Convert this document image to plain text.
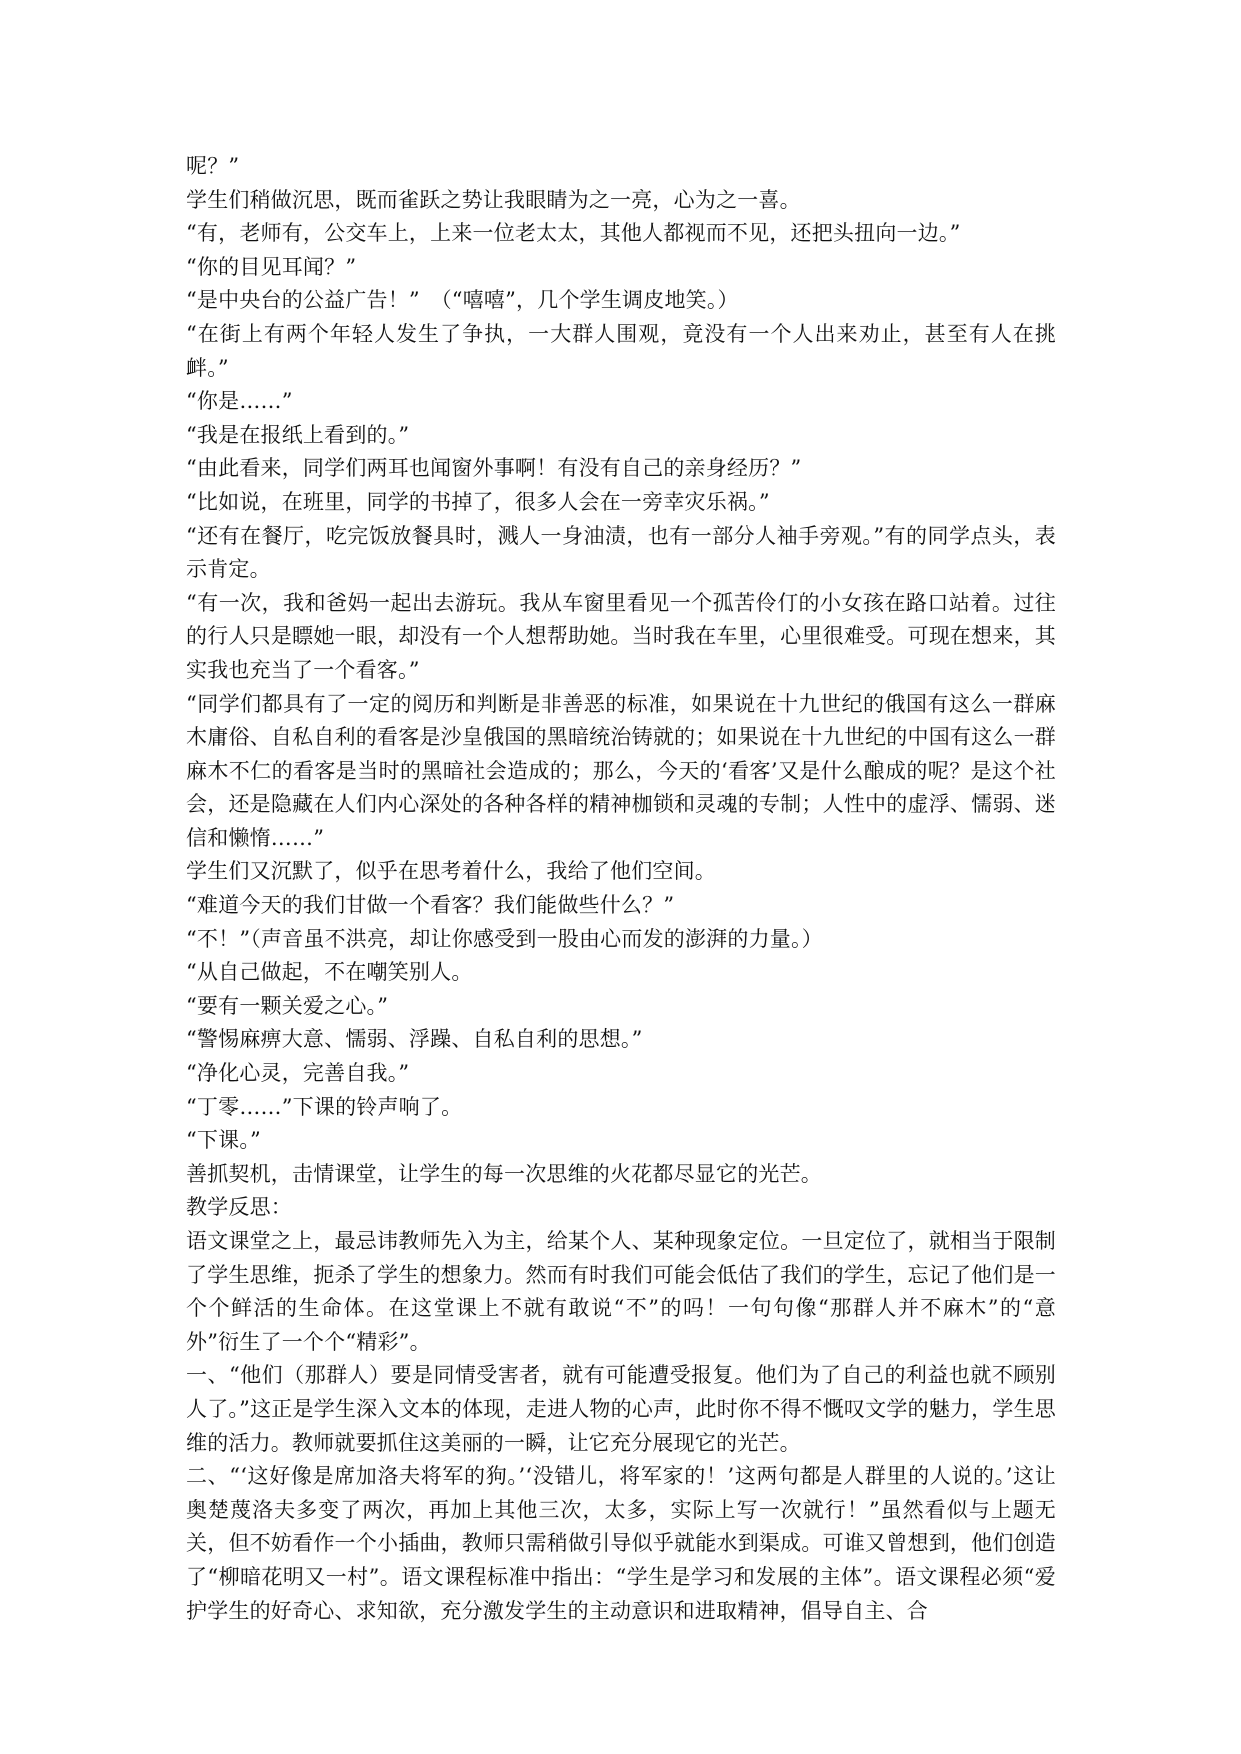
呢？”

学生们稍做沉思，既而雀跃之势让我眼睛为之一亮，心为之一喜。

“有，老师有，公交车上，上来一位老太太，其他人都视而不见，还把头扭向一边。”

“你的目见耳闻？”

“是中央台的公益广告！”　（“嘻嘻”，几个学生调皮地笑。）

“在街上有两个年轻人发生了争执，一大群人围观，竟没有一个人出来劝止，甚至有人在挑衅。”

“你是……”

“我是在报纸上看到的。”

“由此看来，同学们两耳也闻窗外事啊！有没有自己的亲身经历？”

“比如说，在班里，同学的书掉了，很多人会在一旁幸灾乐祸。”

“还有在餐厅，吃完饭放餐具时，溅人一身油渍，也有一部分人袖手旁观。”有的同学点头，表示肯定。

“有一次，我和爸妈一起出去游玩。我从车窗里看见一个孤苦伶仃的小女孩在路口站着。过往的行人只是瞟她一眼，却没有一个人想帮助她。当时我在车里，心里很难受。可现在想来，其实我也充当了一个看客。”

“同学们都具有了一定的阅历和判断是非善恶的标准，如果说在十九世纪的俄国有这么一群麻木庸俗、自私自利的看客是沙皇俄国的黑暗统治铸就的；如果说在十九世纪的中国有这么一群麻木不仁的看客是当时的黑暗社会造成的；那么，今天的‘看客’又是什么酿成的呢？是这个社会，还是隐藏在人们内心深处的各种各样的精神枷锁和灵魂的专制；人性中的虚浮、懦弱、迷信和懒惰……”

学生们又沉默了，似乎在思考着什么，我给了他们空间。

“难道今天的我们甘做一个看客？我们能做些什么？”

“不！”（声音虽不洪亮，却让你感受到一股由心而发的澎湃的力量。）

“从自己做起，不在嘲笑别人。

“要有一颗关爱之心。”

“警惕麻痹大意、懦弱、浮躁、自私自利的思想。”

“净化心灵，完善自我。”

“丁零……”下课的铃声响了。

“下课。”

善抓契机，击情课堂，让学生的每一次思维的火花都尽显它的光芒。

教学反思：

语文课堂之上，最忌讳教师先入为主，给某个人、某种现象定位。一旦定位了，就相当于限制了学生思维，扼杀了学生的想象力。然而有时我们可能会低估了我们的学生，忘记了他们是一个个鲜活的生命体。在这堂课上不就有敢说“不”的吗！一句句像“那群人并不麻木”的“意外”衍生了一个个“精彩”。

一、“他们（那群人）要是同情受害者，就有可能遭受报复。他们为了自己的利益也就不顾别人了。”这正是学生深入文本的体现，走进人物的心声，此时你不得不慨叹文学的魅力，学生思维的活力。教师就要抓住这美丽的一瞬，让它充分展现它的光芒。

二、“‘这好像是席加洛夫将军的狗。’‘没错儿，将军家的！’这两句都是人群里的人说的。’这让奥楚蔑洛夫多变了两次，再加上其他三次，太多，实际上写一次就行！”虽然看似与上题无关，但不妨看作一个小插曲，教师只需稍做引导似乎就能水到渠成。可谁又曾想到，他们创造了“柳暗花明又一村”。语文课程标准中指出：“学生是学习和发展的主体”。语文课程必须“爱护学生的好奇心、求知欲，充分激发学生的主动意识和进取精神，倡导自主、合
